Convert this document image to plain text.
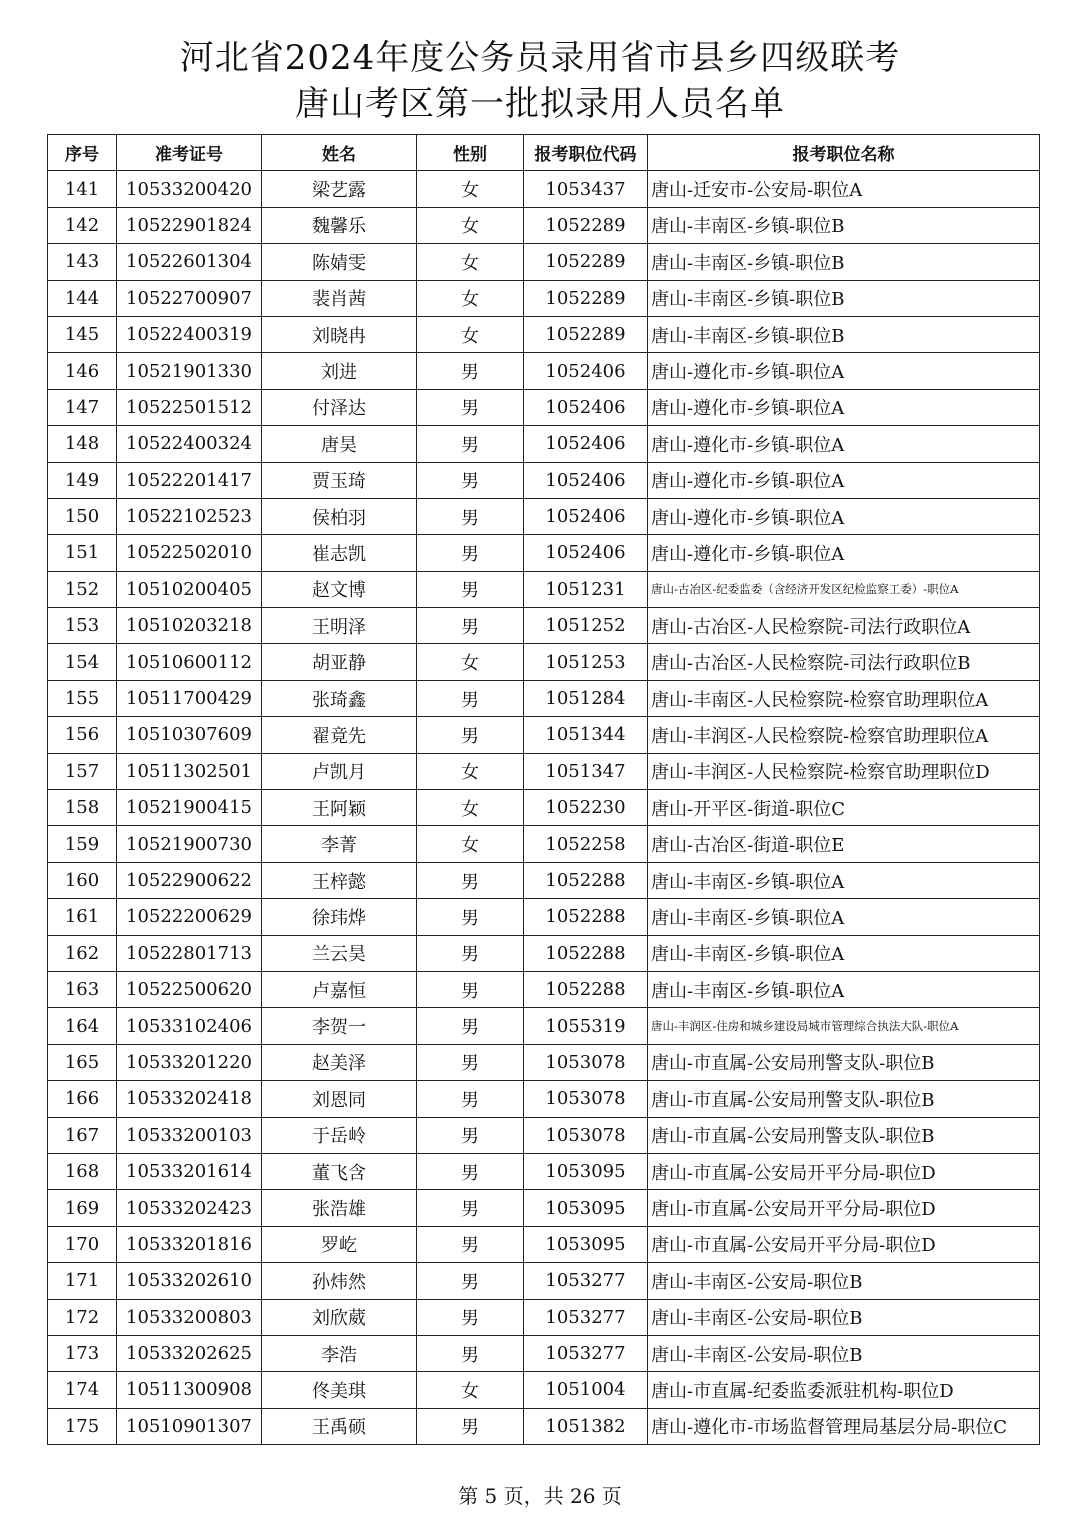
河北省2024年度公务员录用省市县乡四级联考
唐山考区第一批拟录用人员名单
序号	准考证号	姓名	性别	报考职位代码	报考职位名称
141	10533200420	梁艺露	女	1053437	唐山-迁安市-公安局-职位A
142	10522901824	魏馨乐	女	1052289	唐山-丰南区-乡镇-职位B
143	10522601304	陈婧雯	女	1052289	唐山-丰南区-乡镇-职位B
144	10522700907	裴肖茜	女	1052289	唐山-丰南区-乡镇-职位B
145	10522400319	刘晓冉	女	1052289	唐山-丰南区-乡镇-职位B
146	10521901330	刘进	男	1052406	唐山-遵化市-乡镇-职位A
147	10522501512	付泽达	男	1052406	唐山-遵化市-乡镇-职位A
148	10522400324	唐昊	男	1052406	唐山-遵化市-乡镇-职位A
149	10522201417	贾玉琦	男	1052406	唐山-遵化市-乡镇-职位A
150	10522102523	侯柏羽	男	1052406	唐山-遵化市-乡镇-职位A
151	10522502010	崔志凯	男	1052406	唐山-遵化市-乡镇-职位A
152	10510200405	赵文博	男	1051231	唐山-古冶区-纪委监委（含经济开发区纪检监察工委）-职位A
153	10510203218	王明泽	男	1051252	唐山-古冶区-人民检察院-司法行政职位A
154	10510600112	胡亚静	女	1051253	唐山-古冶区-人民检察院-司法行政职位B
155	10511700429	张琦鑫	男	1051284	唐山-丰南区-人民检察院-检察官助理职位A
156	10510307609	翟竟先	男	1051344	唐山-丰润区-人民检察院-检察官助理职位A
157	10511302501	卢凯月	女	1051347	唐山-丰润区-人民检察院-检察官助理职位D
158	10521900415	王阿颖	女	1052230	唐山-开平区-街道-职位C
159	10521900730	李菁	女	1052258	唐山-古冶区-街道-职位E
160	10522900622	王梓懿	男	1052288	唐山-丰南区-乡镇-职位A
161	10522200629	徐玮烨	男	1052288	唐山-丰南区-乡镇-职位A
162	10522801713	兰云昊	男	1052288	唐山-丰南区-乡镇-职位A
163	10522500620	卢嘉恒	男	1052288	唐山-丰南区-乡镇-职位A
164	10533102406	李贺一	男	1055319	唐山-丰润区-住房和城乡建设局城市管理综合执法大队-职位A
165	10533201220	赵美泽	男	1053078	唐山-市直属-公安局刑警支队-职位B
166	10533202418	刘恩同	男	1053078	唐山-市直属-公安局刑警支队-职位B
167	10533200103	于岳岭	男	1053078	唐山-市直属-公安局刑警支队-职位B
168	10533201614	董飞含	男	1053095	唐山-市直属-公安局开平分局-职位D
169	10533202423	张浩雄	男	1053095	唐山-市直属-公安局开平分局-职位D
170	10533201816	罗屹	男	1053095	唐山-市直属-公安局开平分局-职位D
171	10533202610	孙炜然	男	1053277	唐山-丰南区-公安局-职位B
172	10533200803	刘欣葳	男	1053277	唐山-丰南区-公安局-职位B
173	10533202625	李浩	男	1053277	唐山-丰南区-公安局-职位B
174	10511300908	佟美琪	女	1051004	唐山-市直属-纪委监委派驻机构-职位D
175	10510901307	王禹硕	男	1051382	唐山-遵化市-市场监督管理局基层分局-职位C
第 5 页，共 26 页
